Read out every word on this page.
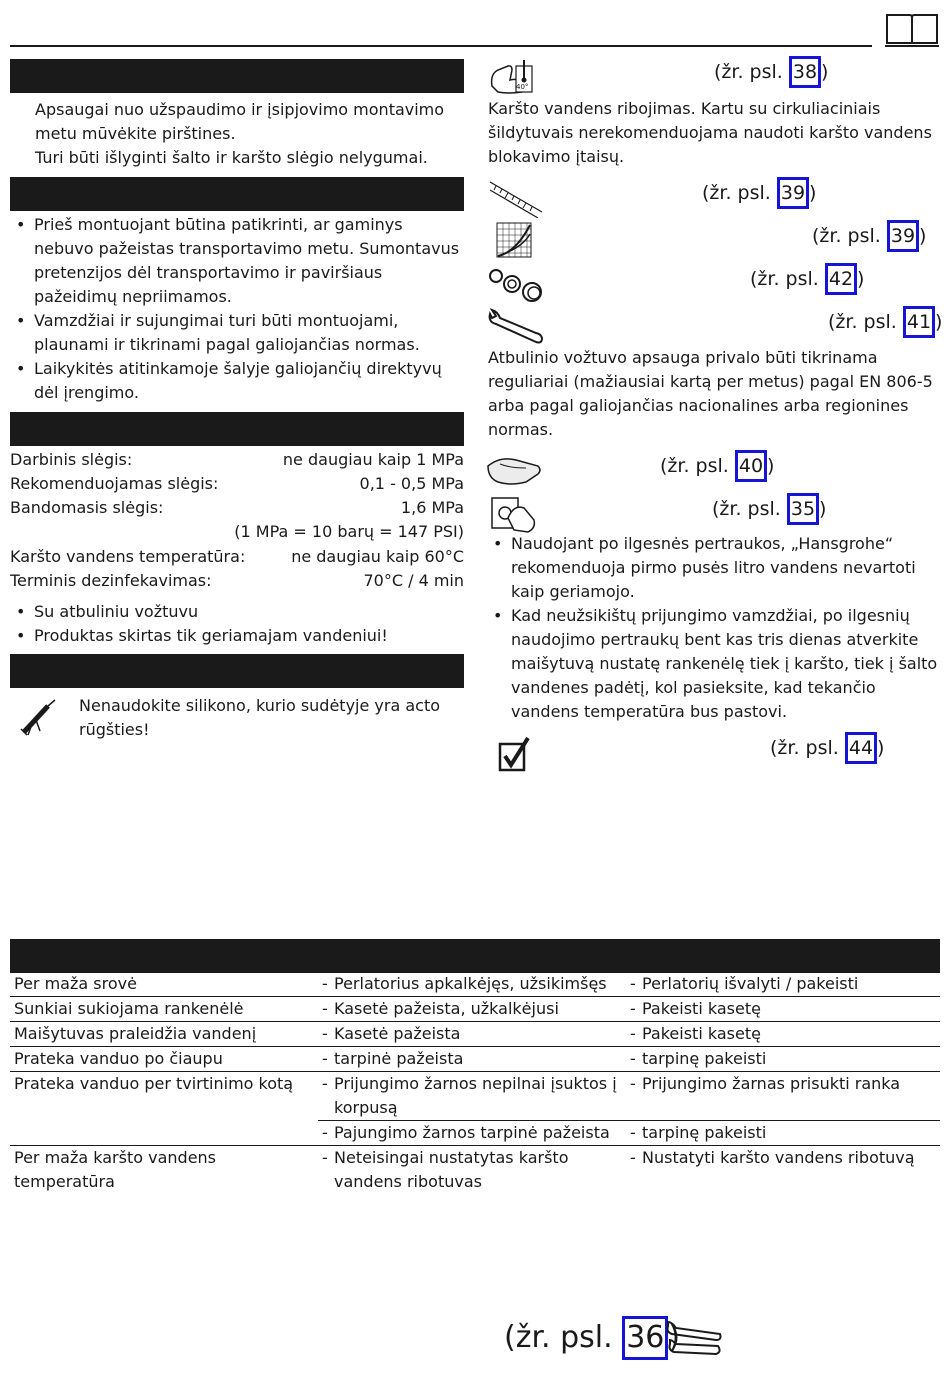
Apsaugai nuo užspaudimo ir įsipjovimo montavimo metu mūvėkite pirštines.
Turi būti išlyginti šalto ir karšto slėgio nelygumai.
• Prieš montuojant būtina patikrinti, ar gaminys nebuvo pažeistas transportavimo metu. Sumontavus pretenzijos dėl transportavimo ir paviršiaus pažeidimų nepriimamos.
• Vamzdžiai ir sujungimai turi būti montuojami, plaunami ir tikrinami pagal galiojančias normas.
• Laikykitės atitinkamoje šalyje galiojančių direktyvų dėl įrengimo.
Darbinis slėgis:	ne daugiau kaip 1 MPa
Rekomenduojamas slėgis:	0,1 - 0,5 MPa
Bandomasis slėgis:	1,6 MPa
(1 MPa = 10 barų = 147 PSI)
Karšto vandens temperatūra:	ne daugiau kaip 60°C
Terminis dezinfekavimas:	70°C / 4 min
• Su atbuliniu vožtuvu
• Produktas skirtas tik geriamajam vandeniui!
Nenaudokite silikono, kurio sudėtyje yra acto rūgšties!
40°
(žr. psl. 38 )
Karšto vandens ribojimas. Kartu su cirkuliaciniais šildytuvais nerekomenduojama naudoti karšto vandens blokavimo įtaisų.
(žr. psl. 39 )
(žr. psl. 39 )
(žr. psl. 42 )
(žr. psl. 41 )
Atbulinio vožtuvo apsauga privalo būti tikrinama reguliariai (mažiausiai kartą per metus) pagal EN 806-5 arba pagal galiojančias nacionalines arba regionines normas.
(žr. psl. 40 )
(žr. psl. 35 )
• Naudojant po ilgesnės pertraukos, „Hansgrohe“ rekomenduoja pirmo pusės litro vandens nevartoti kaip geriamojo.
• Kad neužsikištų prijungimo vamzdžiai, po ilgesnių naudojimo pertraukų bent kas tris dienas atverkite maišytuvą nustatę rankenėlę tiek į karšto, tiek į šalto vandenes padėtį, kol pasieksite, kad tekančio vandens temperatūra bus pastovi.
(žr. psl. 44 )
Per maža srovė	- Perlatorius apkalkėjęs, užsikimšęs	- Perlatorių išvalyti / pakeisti

Sunkiai sukiojama rankenėlė	- Kasetė pažeista, užkalkėjusi	- Pakeisti kasetę

Maišytuvas praleidžia vandenį	- Kasetė pažeista	- Pakeisti kasetę

Prateka vanduo po čiaupu	- tarpinė pažeista	- tarpinę pakeisti

Prateka vanduo per tvirtinimo kotą	- Prijungimo žarnos nepilnai įsuktos į korpusą	- Prijungimo žarnas prisukti ranka

	- Pajungimo žarnos tarpinė pažeista	- tarpinę pakeisti

Per maža karšto vandens temperatūra	- Neteisingai nustatytas karšto vandens ribotuvas	- Nustatyti karšto vandens ribotuvą
(žr. psl. 36 )
